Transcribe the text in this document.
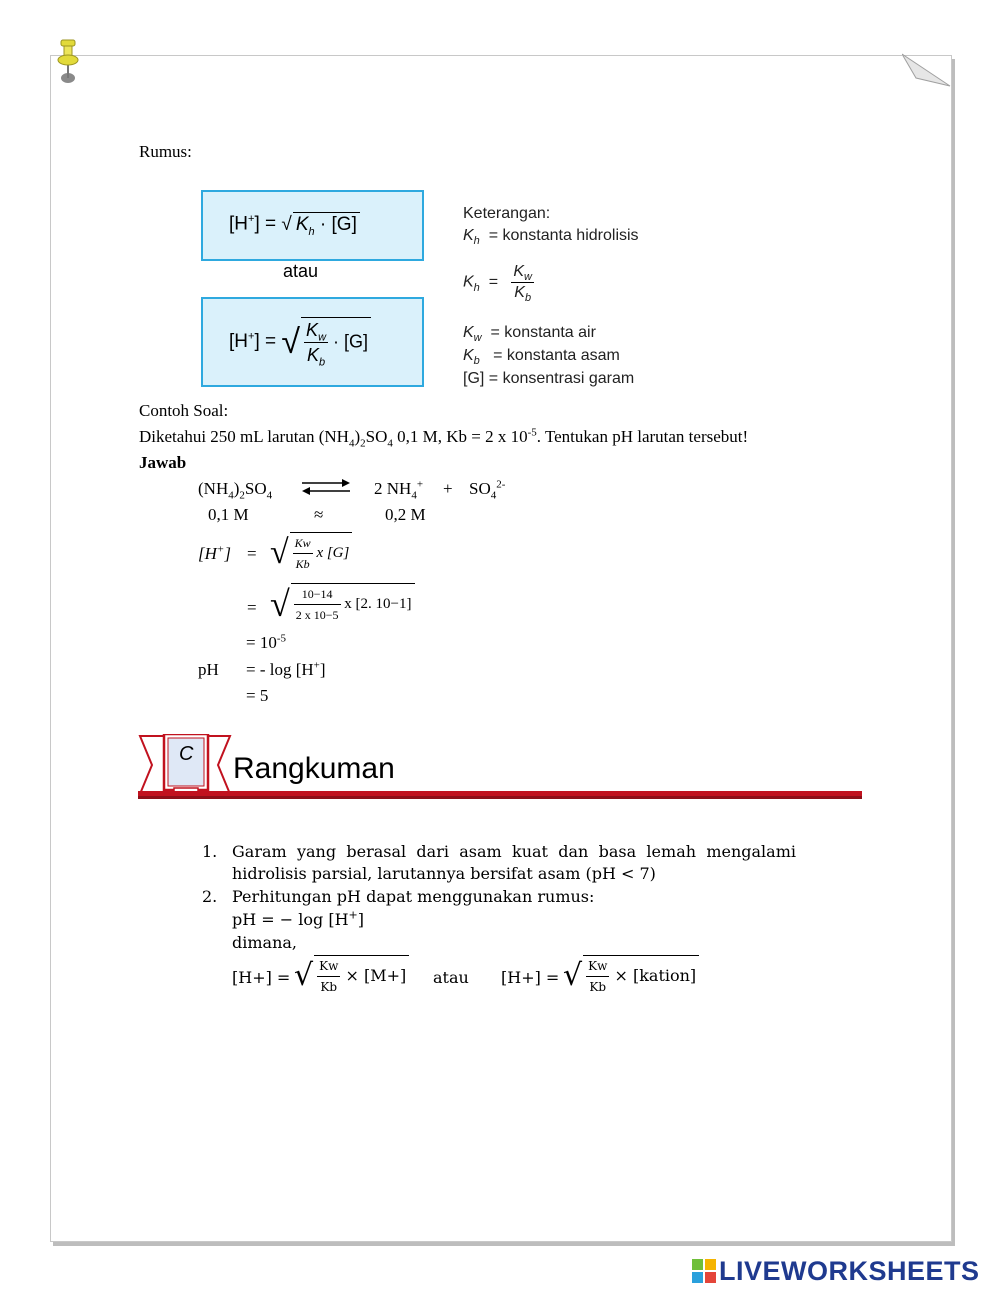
Rumus:
[H+] = √ $K_h \cdot [G]$
atau
[H+] = √ $\frac{K_w}{K_b} \cdot [G]$
Keterangan:
$K_h$ = konstanta hidrolisis
$K_h = \frac{K_w}{K_b}$
$K_w$ = konstanta air
$K_b$ = konstanta asam
[G] = konsentrasi garam
Contoh Soal:
Diketahui 250 mL larutan $(NH_4)_2SO_4$ 0,1 M, Kb = 2 x $10^{-5}$. Tentukan pH larutan tersebut!
Jawab
$(NH_4)_2SO_4$ ⇌ 2 $NH_4^+ + SO_4^{2-}$
0,1 M	≈	0,2 M
[H+] = √ $\frac{Kw}{Kb}$ x [G]
= √ $\frac{10-14}{2 x 10-5}$ x [2. 10−1]
= $10^{-5}$
pH = - log [H+]
= 5
C Rangkuman
1. Garam yang berasal dari asam kuat dan basa lemah mengalami
hidrolisis parsial, larutannya bersifat asam (pH < 7)
2. Perhitungan pH dapat menggunakan rumus:
pH = − log [H+]
dimana,
[H+] = √ $\frac{Kw}{Kb} \times [M+]$ atau [H+] = √ $\frac{Kw}{Kb}$ × [kation]
LIVEWORKSHEETS
